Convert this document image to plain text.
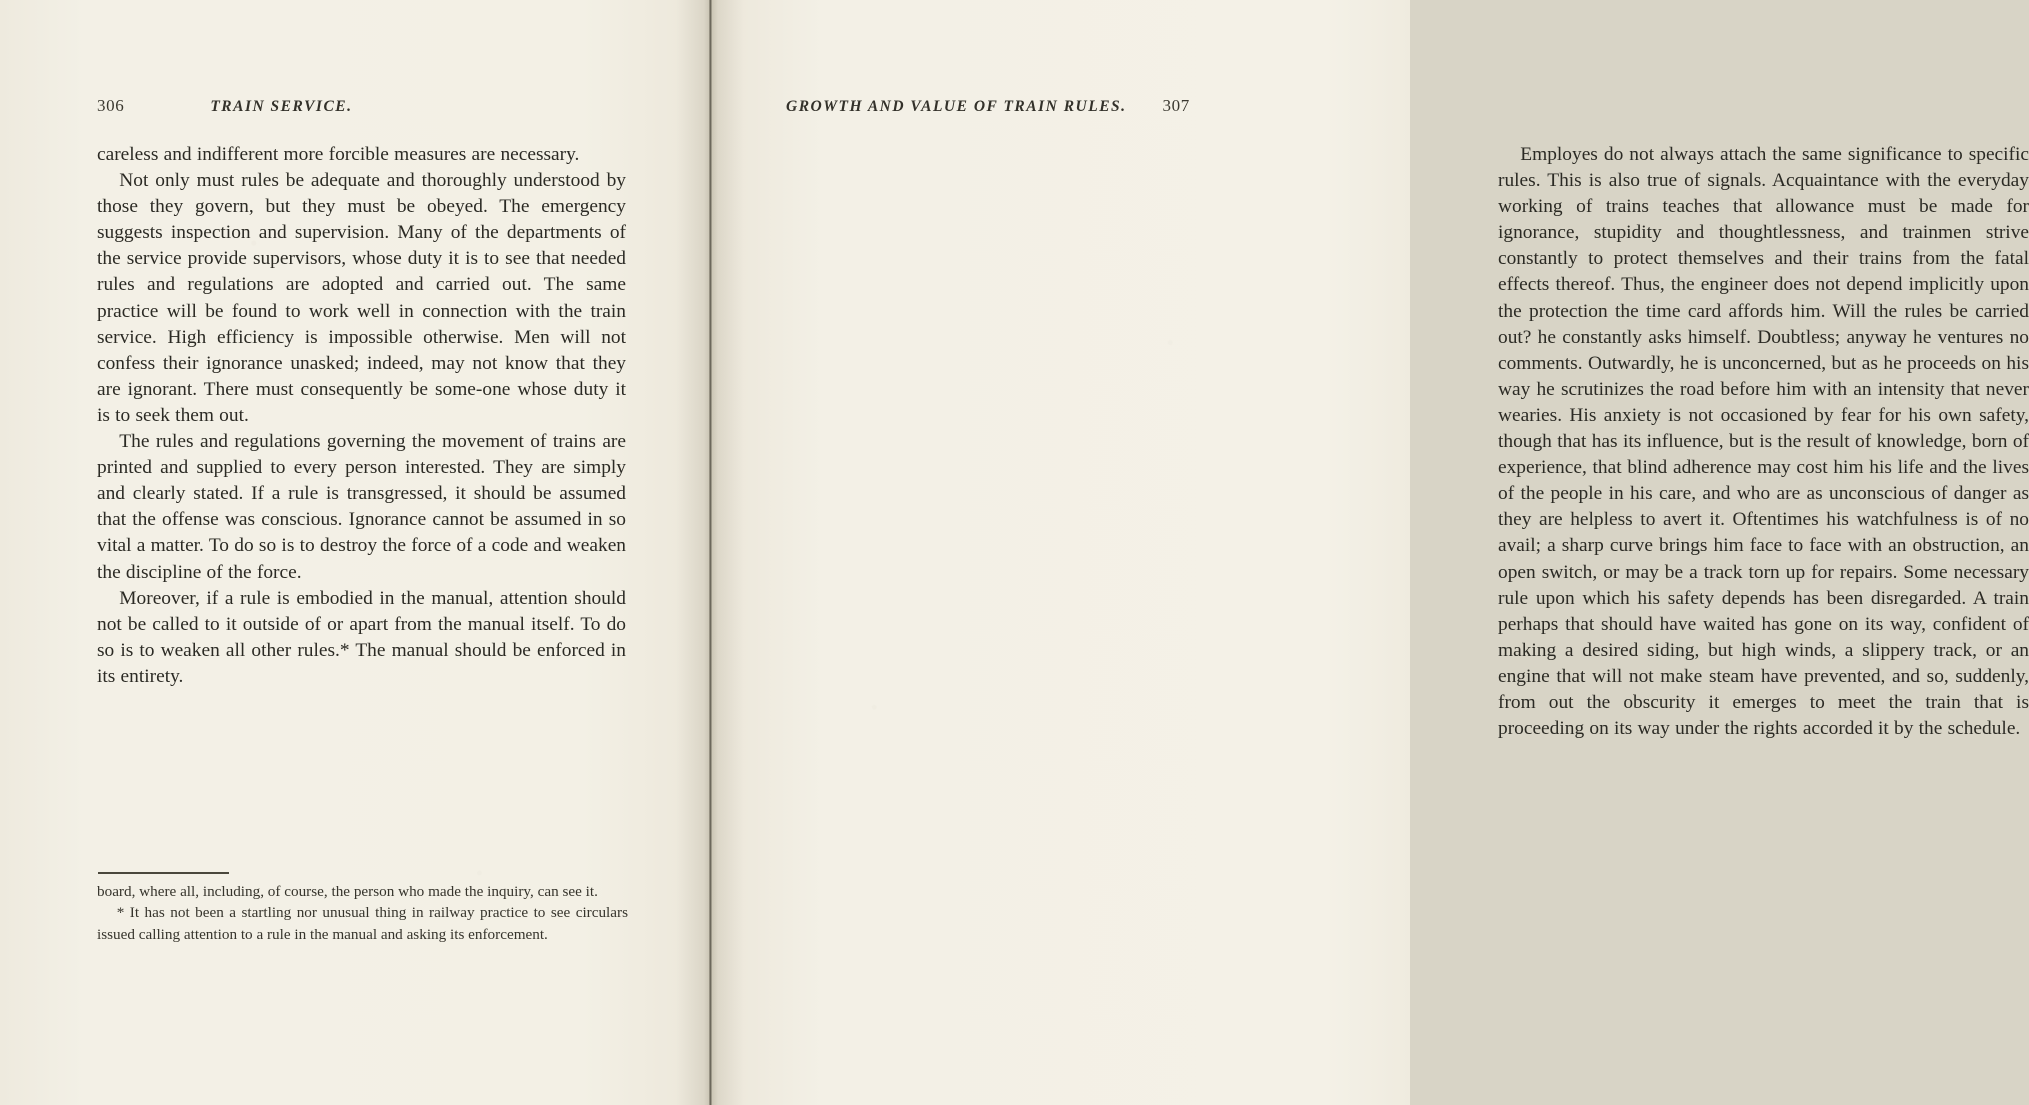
306	TRAIN SERVICE.

careless and indifferent more forcible measures are necessary.

Not only must rules be adequate and thoroughly understood by those they govern, but they must be obeyed. The emergency suggests inspection and supervision. Many of the departments of the service provide supervisors, whose duty it is to see that needed rules and regulations are adopted and carried out. The same practice will be found to work well in connection with the train service. High efficiency is impossible otherwise. Men will not confess their ignorance unasked; indeed, may not know that they are ignorant. There must consequently be some-one whose duty it is to seek them out.

The rules and regulations governing the movement of trains are printed and supplied to every person interested. They are simply and clearly stated. If a rule is transgressed, it should be assumed that the offense was conscious. Ignorance cannot be assumed in so vital a matter. To do so is to destroy the force of a code and weaken the discipline of the force.

Moreover, if a rule is embodied in the manual, attention should not be called to it outside of or apart from the manual itself. To do so is to weaken all other rules.* The manual should be enforced in its entirety.

board, where all, including, of course, the person who made the inquiry, can see it.

* It has not been a startling nor unusual thing in railway practice to see circulars issued calling attention to a rule in the manual and asking its enforcement.

GROWTH AND VALUE OF TRAIN RULES. 307

Employes do not always attach the same significance to specific rules. This is also true of signals. Acquaintance with the everyday working of trains teaches that allowance must be made for ignorance, stupidity and thoughtlessness, and trainmen strive constantly to protect themselves and their trains from the fatal effects thereof. Thus, the engineer does not depend implicitly upon the protection the time card affords him. Will the rules be carried out? he constantly asks himself. Doubtless; anyway he ventures no comments. Outwardly, he is unconcerned, but as he proceeds on his way he scrutinizes the road before him with an intensity that never wearies. His anxiety is not occasioned by fear for his own safety, though that has its influence, but is the result of knowledge, born of experience, that blind adherence may cost him his life and the lives of the people in his care, and who are as unconscious of danger as they are helpless to avert it. Oftentimes his watchfulness is of no avail; a sharp curve brings him face to face with an obstruction, an open switch, or may be a track torn up for repairs. Some necessary rule upon which his safety depends has been disregarded. A train perhaps that should have waited has gone on its way, confident of making a desired siding, but high winds, a slippery track, or an engine that will not make steam have prevented, and so, suddenly, from out the obscurity it emerges to meet the train that is proceeding on its way under the rights accorded it by the schedule.
